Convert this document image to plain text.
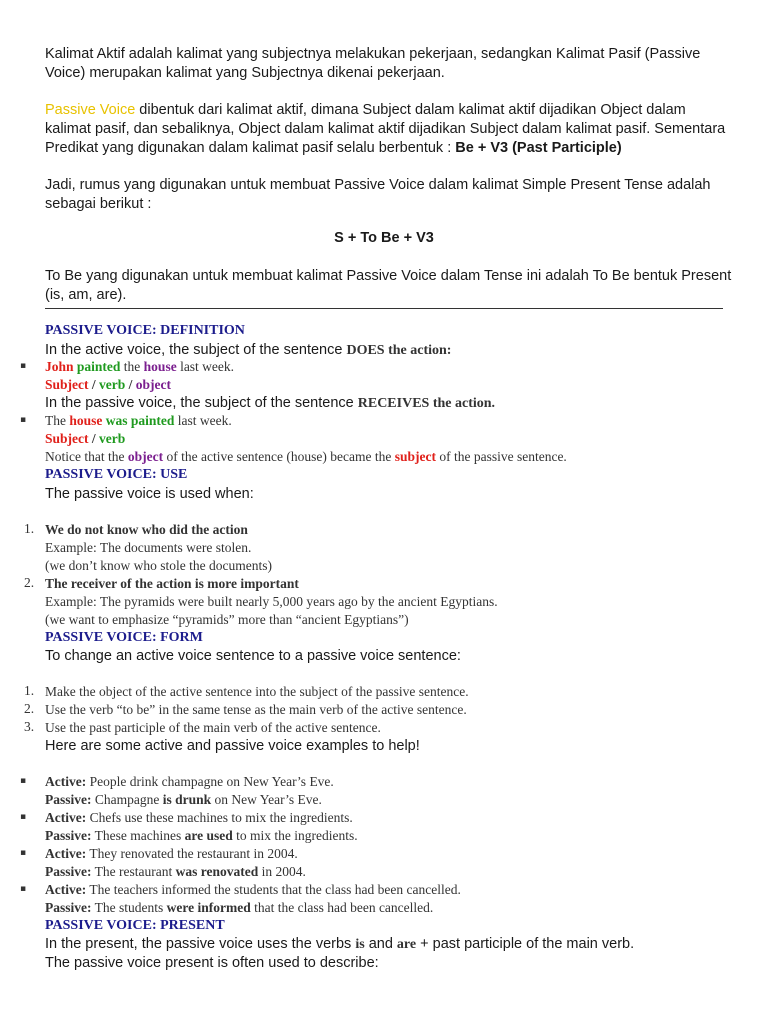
Kalimat Aktif adalah kalimat yang subjectnya melakukan pekerjaan, sedangkan Kalimat Pasif (Passive Voice) merupakan kalimat yang Subjectnya dikenai pekerjaan.

Passive Voice dibentuk dari kalimat aktif, dimana Subject dalam kalimat aktif dijadikan Object dalam kalimat pasif, dan sebaliknya, Object dalam kalimat aktif dijadikan Subject dalam kalimat pasif. Sementara Predikat yang digunakan dalam kalimat pasif selalu berbentuk : Be + V3 (Past Participle)

Jadi, rumus yang digunakan untuk membuat Passive Voice dalam kalimat Simple Present Tense adalah sebagai berikut :

S + To Be + V3

To Be yang digunakan untuk membuat kalimat Passive Voice dalam Tense ini adalah To Be bentuk Present (is, am, are).

PASSIVE VOICE: DEFINITION
In the active voice, the subject of the sentence DOES the action:
▪ John painted the house last week.
Subject / verb / object
In the passive voice, the subject of the sentence RECEIVES the action.
▪ The house was painted last week.
Subject / verb
Notice that the object of the active sentence (house) became the subject of the passive sentence.
PASSIVE VOICE: USE
The passive voice is used when:
1. We do not know who did the action
Example: The documents were stolen.
(we don’t know who stole the documents)
2. The receiver of the action is more important
Example: The pyramids were built nearly 5,000 years ago by the ancient Egyptians.
(we want to emphasize “pyramids” more than “ancient Egyptians”)
PASSIVE VOICE: FORM
To change an active voice sentence to a passive voice sentence:
1. Make the object of the active sentence into the subject of the passive sentence.
2. Use the verb “to be” in the same tense as the main verb of the active sentence.
3. Use the past participle of the main verb of the active sentence.
Here are some active and passive voice examples to help!
▪ Active: People drink champagne on New Year’s Eve.
Passive: Champagne is drunk on New Year’s Eve.
▪ Active: Chefs use these machines to mix the ingredients.
Passive: These machines are used to mix the ingredients.
▪ Active: They renovated the restaurant in 2004.
Passive: The restaurant was renovated in 2004.
▪ Active: The teachers informed the students that the class had been cancelled.
Passive: The students were informed that the class had been cancelled.
PASSIVE VOICE: PRESENT
In the present, the passive voice uses the verbs is and are + past participle of the main verb.
The passive voice present is often used to describe:
